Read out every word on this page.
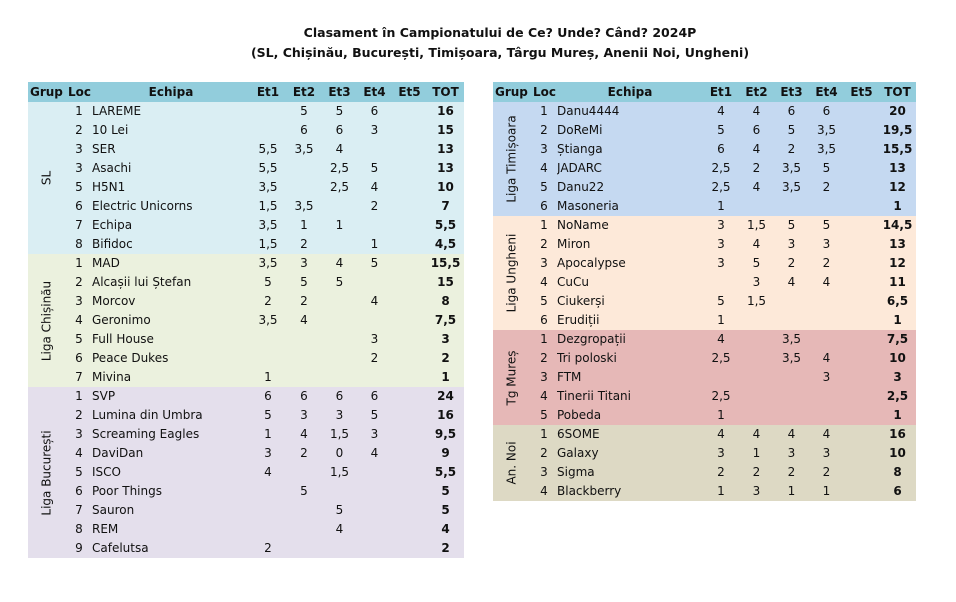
Clasament în Campionatului de Ce? Unde? Când? 2024P
(SL, Chișinău, București, Timișoara, Târgu Mureș, Anenii Noi, Ungheni)
Grup	Loc	Echipa	Et1	Et2	Et3	Et4	Et5	TOT

SL	1	LAREME		5	5	6		16
	2	10 Lei		6	6	3		15
	3	SER	5,5	3,5	4			13
	3	Asachi	5,5		2,5	5		13
	5	H5N1	3,5		2,5	4		10
	6	Electric Unicorns	1,5	3,5		2		7
	7	Echipa	3,5	1	1			5,5
	8	Bifidoc	1,5	2		1		4,5

Liga Chișinău	1	MAD	3,5	3	4	5		15,5
	2	Alcașii lui Ștefan	5	5	5			15
	3	Morcov	2	2		4		8
	4	Geronimo	3,5	4				7,5
	5	Full House				3		3
	6	Peace Dukes				2		2
	7	Mivina	1					1

Liga București	1	SVP	6	6	6	6		24
	2	Lumina din Umbra	5	3	3	5		16
	3	Screaming Eagles	1	4	1,5	3		9,5
	4	DaviDan	3	2	0	4		9
	5	ISCO	4		1,5			5,5
	6	Poor Things		5				5
	7	Sauron			5			5
	8	REM			4			4
	9	Cafelutsa	2					2
Grup	Loc	Echipa	Et1	Et2	Et3	Et4	Et5	TOT

Liga Timișoara	1	Danu4444	4	4	6	6		20
	2	DoReMi	5	6	5	3,5		19,5
	3	Știanga	6	4	2	3,5		15,5
	4	JADARC	2,5	2	3,5	5		13
	5	Danu22	2,5	4	3,5	2		12
	6	Masoneria	1					1

Liga Ungheni	1	NoName	3	1,5	5	5		14,5
	2	Miron	3	4	3	3		13
	3	Apocalypse	3	5	2	2		12
	4	CuCu		3	4	4		11
	5	Ciukerși	5	1,5				6,5
	6	Erudiții	1					1

Tg Mureș	1	Dezgropații	4		3,5			7,5
	2	Tri poloski	2,5		3,5	4		10
	3	FTM				3		3
	4	Tinerii Titani	2,5					2,5
	5	Pobeda	1					1

An. Noi	1	6SOME	4	4	4	4		16
	2	Galaxy	3	1	3	3		10
	3	Sigma	2	2	2	2		8
	4	Blackberry	1	3	1	1		6
